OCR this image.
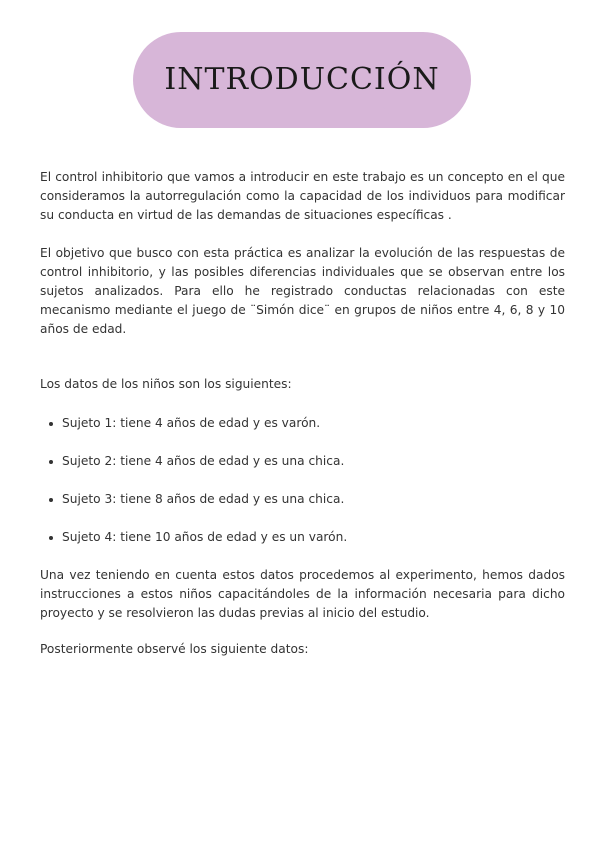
INTRODUCCIÓN

El control inhibitorio que vamos a introducir en este trabajo es un concepto en el que consideramos la autorregulación como la capacidad de los individuos para modificar su conducta en virtud de las demandas de situaciones específicas .

El objetivo que busco con esta práctica es analizar la evolución de las respuestas de control inhibitorio, y las posibles diferencias individuales que se observan entre los sujetos analizados. Para ello he registrado conductas relacionadas con este mecanismo mediante el juego de ¨Simón dice¨ en grupos de niños entre 4, 6, 8 y 10 años de edad.

Los datos de los niños son los siguientes:

Sujeto 1: tiene 4 años de edad y es varón.
Sujeto 2: tiene 4 años de edad y es una chica.
Sujeto 3: tiene 8 años de edad y es una chica.
Sujeto 4: tiene 10 años de edad y es un varón.

Una vez teniendo en cuenta estos datos procedemos al experimento, hemos dados instrucciones a estos niños capacitándoles de la información necesaria para dicho proyecto y se resolvieron las dudas previas al inicio del estudio.

Posteriormente observé los siguiente datos:
